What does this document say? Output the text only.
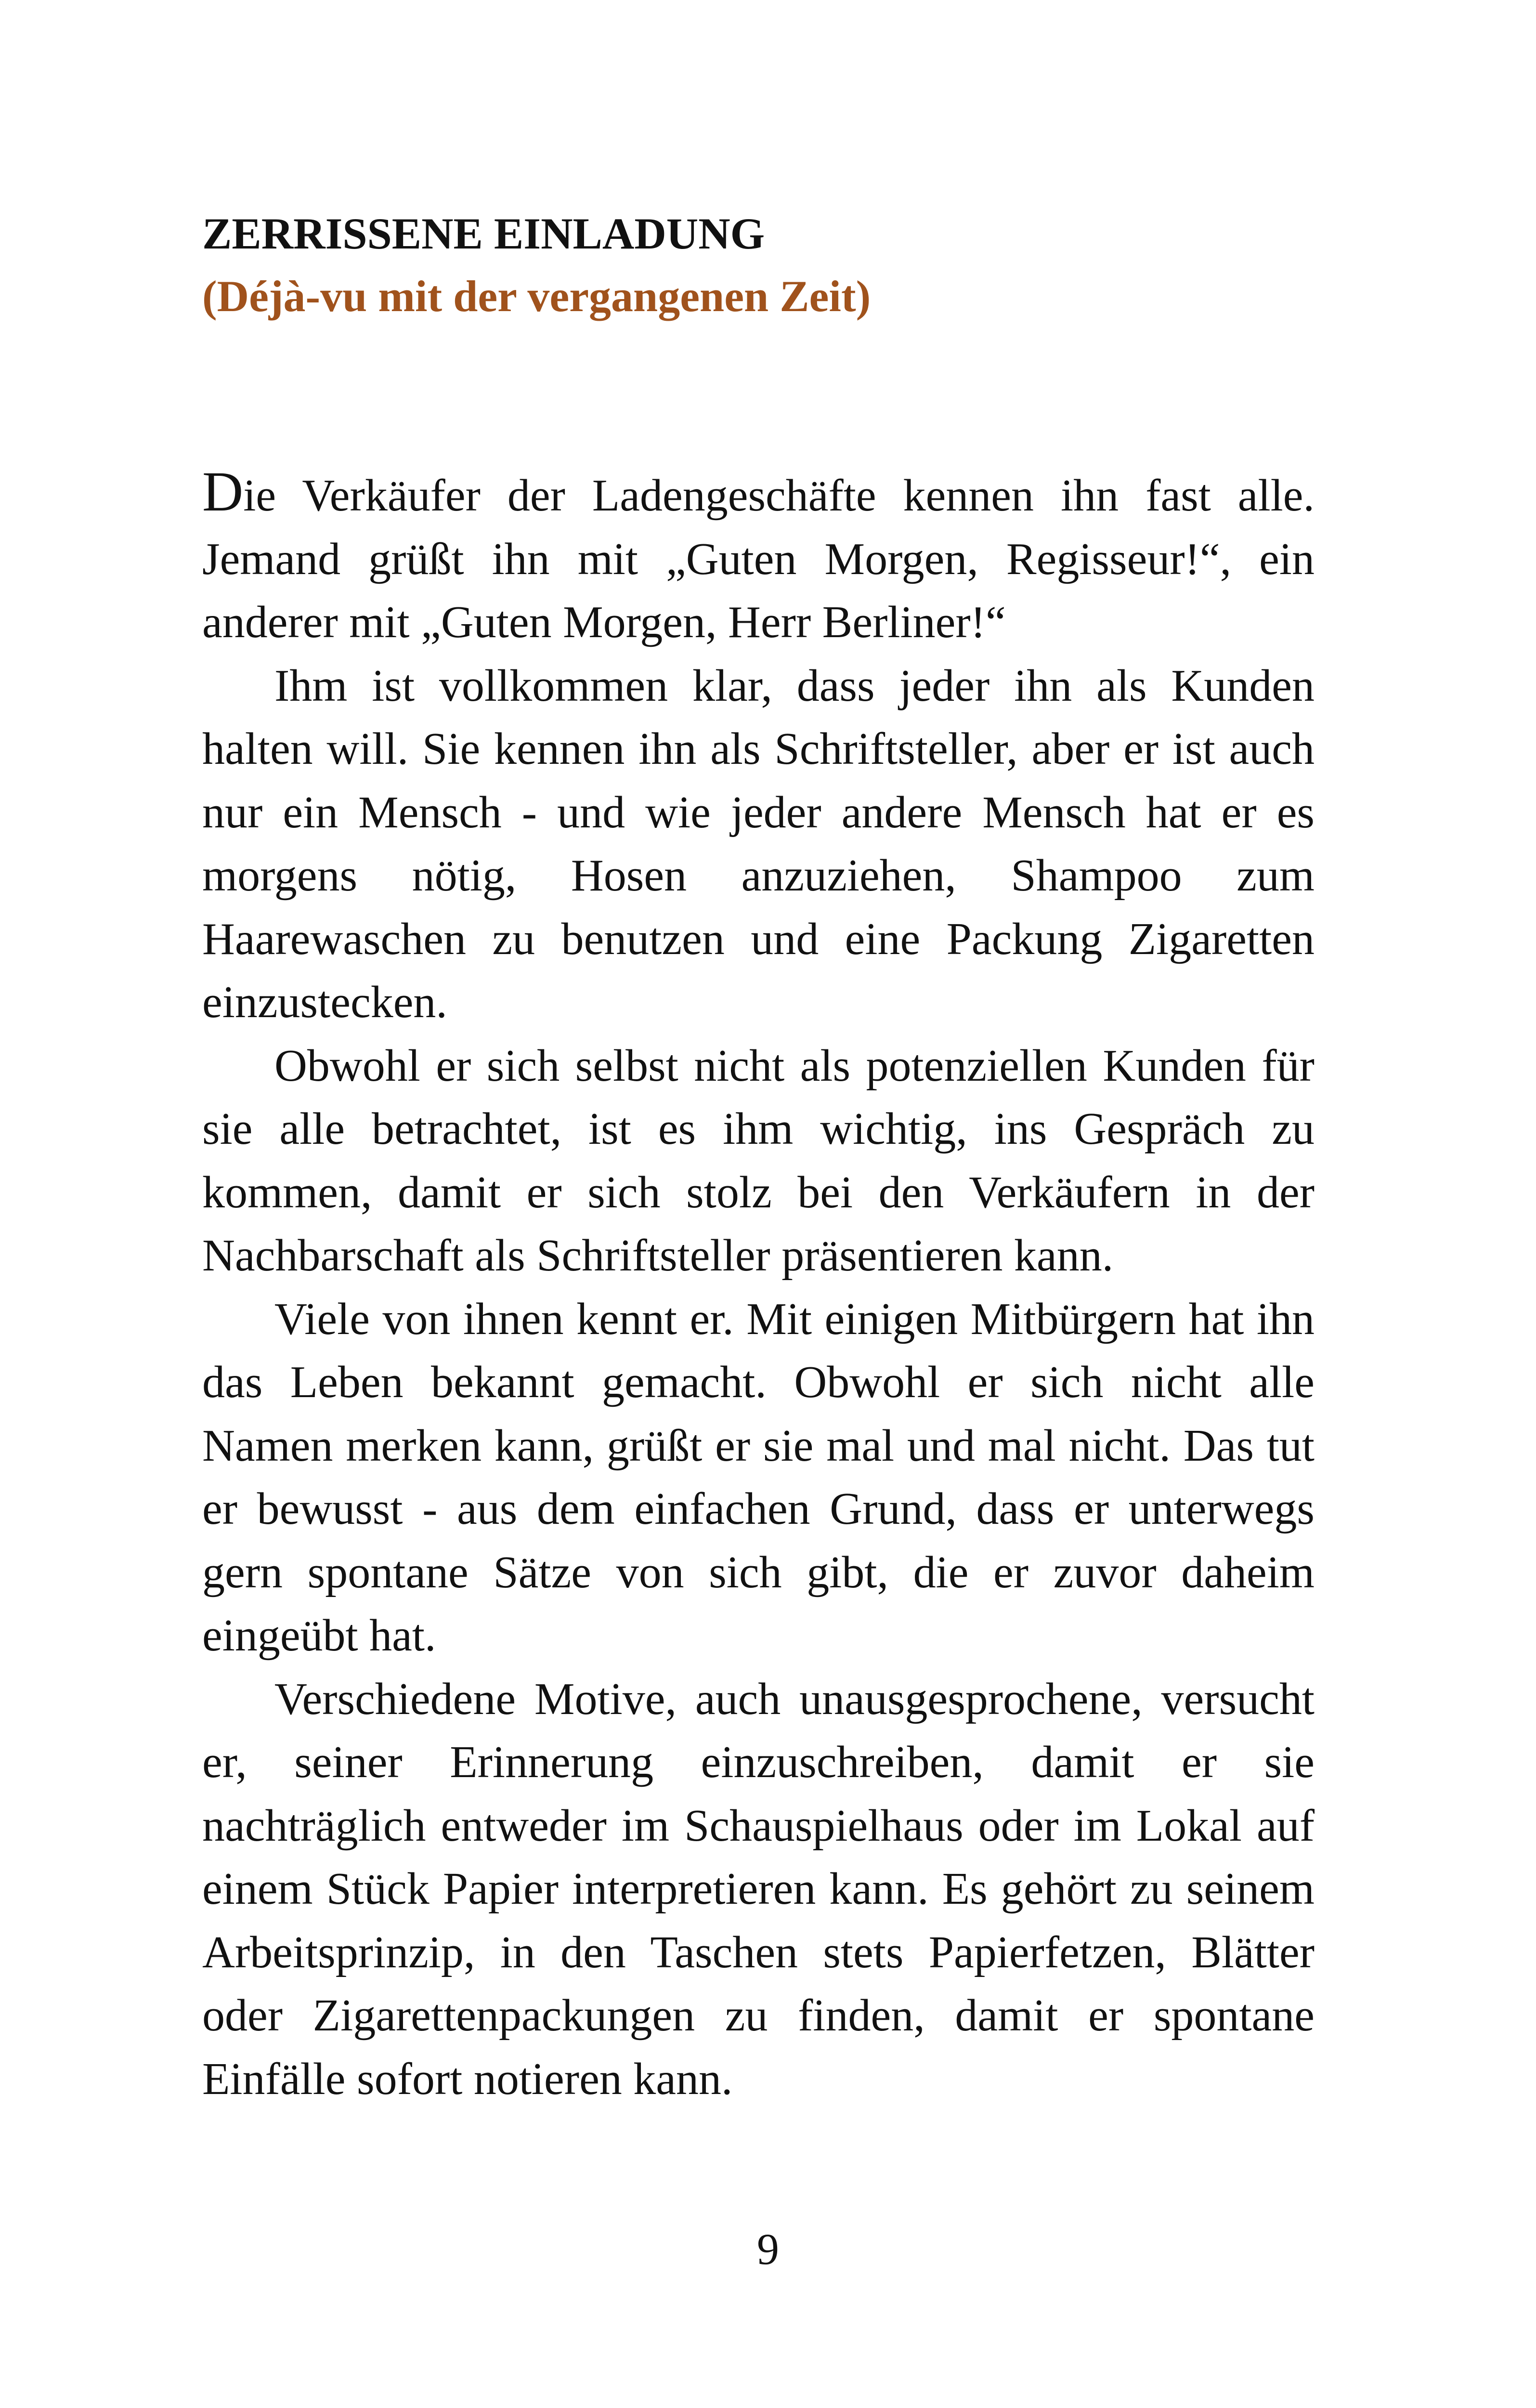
ZERRISSENE EINLADUNG
(Déjà-vu mit der vergangenen Zeit)

Die Verkäufer der Ladengeschäfte kennen ihn fast alle. Jemand grüßt ihn mit „Guten Morgen, Regisseur!“, ein anderer mit „Guten Morgen, Herr Berliner!“

Ihm ist vollkommen klar, dass jeder ihn als Kunden halten will. Sie kennen ihn als Schriftsteller, aber er ist auch nur ein Mensch - und wie jeder andere Mensch hat er es morgens nötig, Hosen anzuziehen, Shampoo zum Haarewaschen zu benutzen und eine Packung Zigaretten einzustecken.

Obwohl er sich selbst nicht als potenziellen Kunden für sie alle betrachtet, ist es ihm wichtig, ins Gespräch zu kommen, damit er sich stolz bei den Verkäufern in der Nachbarschaft als Schriftsteller präsentieren kann.

Viele von ihnen kennt er. Mit einigen Mitbürgern hat ihn das Leben bekannt gemacht. Obwohl er sich nicht alle Namen merken kann, grüßt er sie mal und mal nicht. Das tut er bewusst - aus dem einfachen Grund, dass er unterwegs gern spontane Sätze von sich gibt, die er zuvor daheim eingeübt hat.

Verschiedene Motive, auch unausgesprochene, versucht er, seiner Erinnerung einzuschreiben, damit er sie nachträglich entweder im Schauspielhaus oder im Lokal auf einem Stück Papier interpretieren kann. Es gehört zu seinem Arbeitsprinzip, in den Taschen stets Papierfetzen, Blätter oder Zigarettenpackungen zu finden, damit er spontane Einfälle sofort notieren kann.

9
